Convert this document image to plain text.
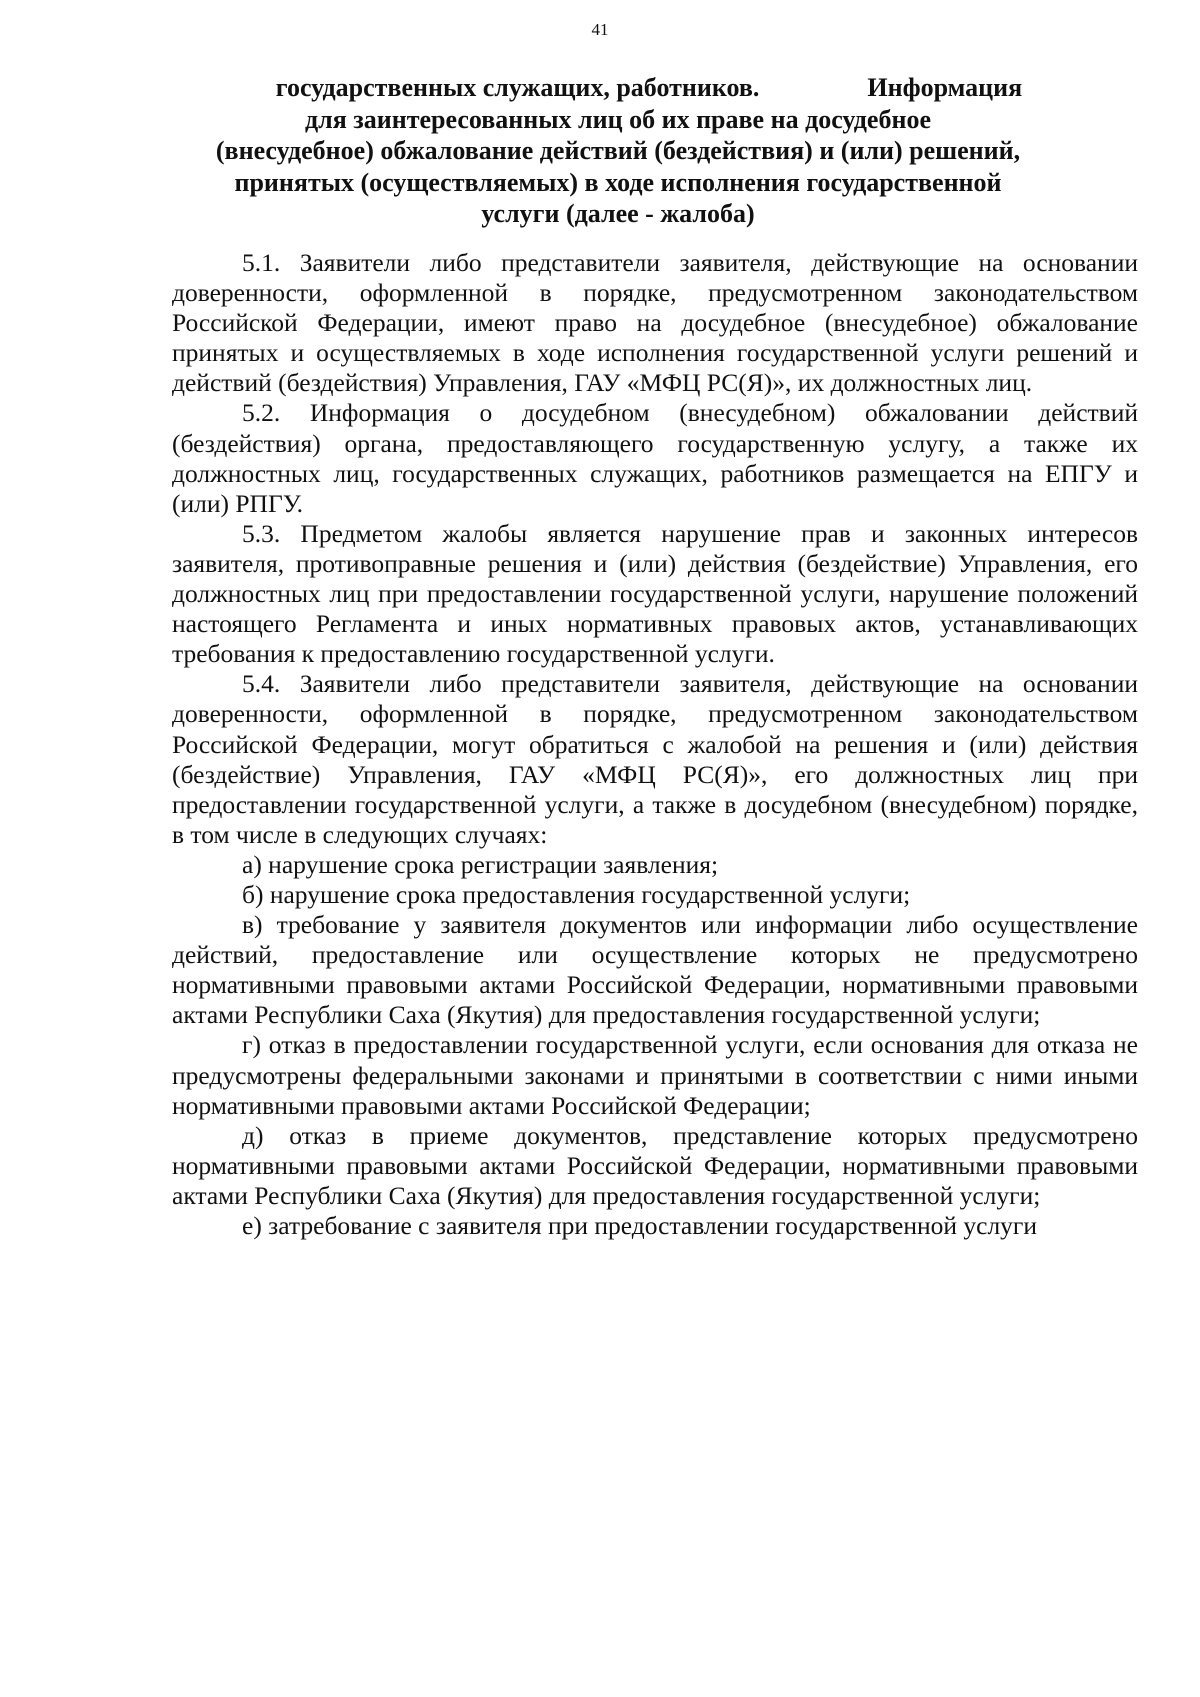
41
государственных служащих, работников.	Информация
для заинтересованных лиц об их праве на досудебное
(внесудебное) обжалование действий (бездействия) и (или) решений,
принятых (осуществляемых) в ходе исполнения государственной
услуги (далее - жалоба)

5.1. Заявители либо представители заявителя, действующие на основании доверенности, оформленной в порядке, предусмотренном законодательством Российской Федерации, имеют право на досудебное (внесудебное) обжалование принятых и осуществляемых в ходе исполнения государственной услуги решений и действий (бездействия) Управления, ГАУ «МФЦ РС(Я)», их должностных лиц.

5.2. Информация о досудебном (внесудебном) обжаловании действий (бездействия) органа, предоставляющего государственную услугу, а также их должностных лиц, государственных служащих, работников размещается на ЕПГУ и (или) РПГУ.

5.3. Предметом жалобы является нарушение прав и законных интересов заявителя, противоправные решения и (или) действия (бездействие) Управления, его должностных лиц при предоставлении государственной услуги, нарушение положений настоящего Регламента и иных нормативных правовых актов, устанавливающих требования к предоставлению государственной услуги.

5.4. Заявители либо представители заявителя, действующие на основании доверенности, оформленной в порядке, предусмотренном законодательством Российской Федерации, могут обратиться с жалобой на решения и (или) действия (бездействие) Управления, ГАУ «МФЦ РС(Я)», его должностных лиц при предоставлении государственной услуги, а также в досудебном (внесудебном) порядке, в том числе в следующих случаях:

а) нарушение срока регистрации заявления;

б) нарушение срока предоставления государственной услуги;

в) требование у заявителя документов или информации либо осуществление действий, предоставление или осуществление которых не предусмотрено нормативными правовыми актами Российской Федерации, нормативными правовыми актами Республики Саха (Якутия) для предоставления государственной услуги;

г) отказ в предоставлении государственной услуги, если основания для отказа не предусмотрены федеральными законами и принятыми в соответствии с ними иными нормативными правовыми актами Российской Федерации;

д) отказ в приеме документов, представление которых предусмотрено нормативными правовыми актами Российской Федерации, нормативными правовыми актами Республики Саха (Якутия) для предоставления государственной услуги;

е) затребование с заявителя при предоставлении государственной услуги
